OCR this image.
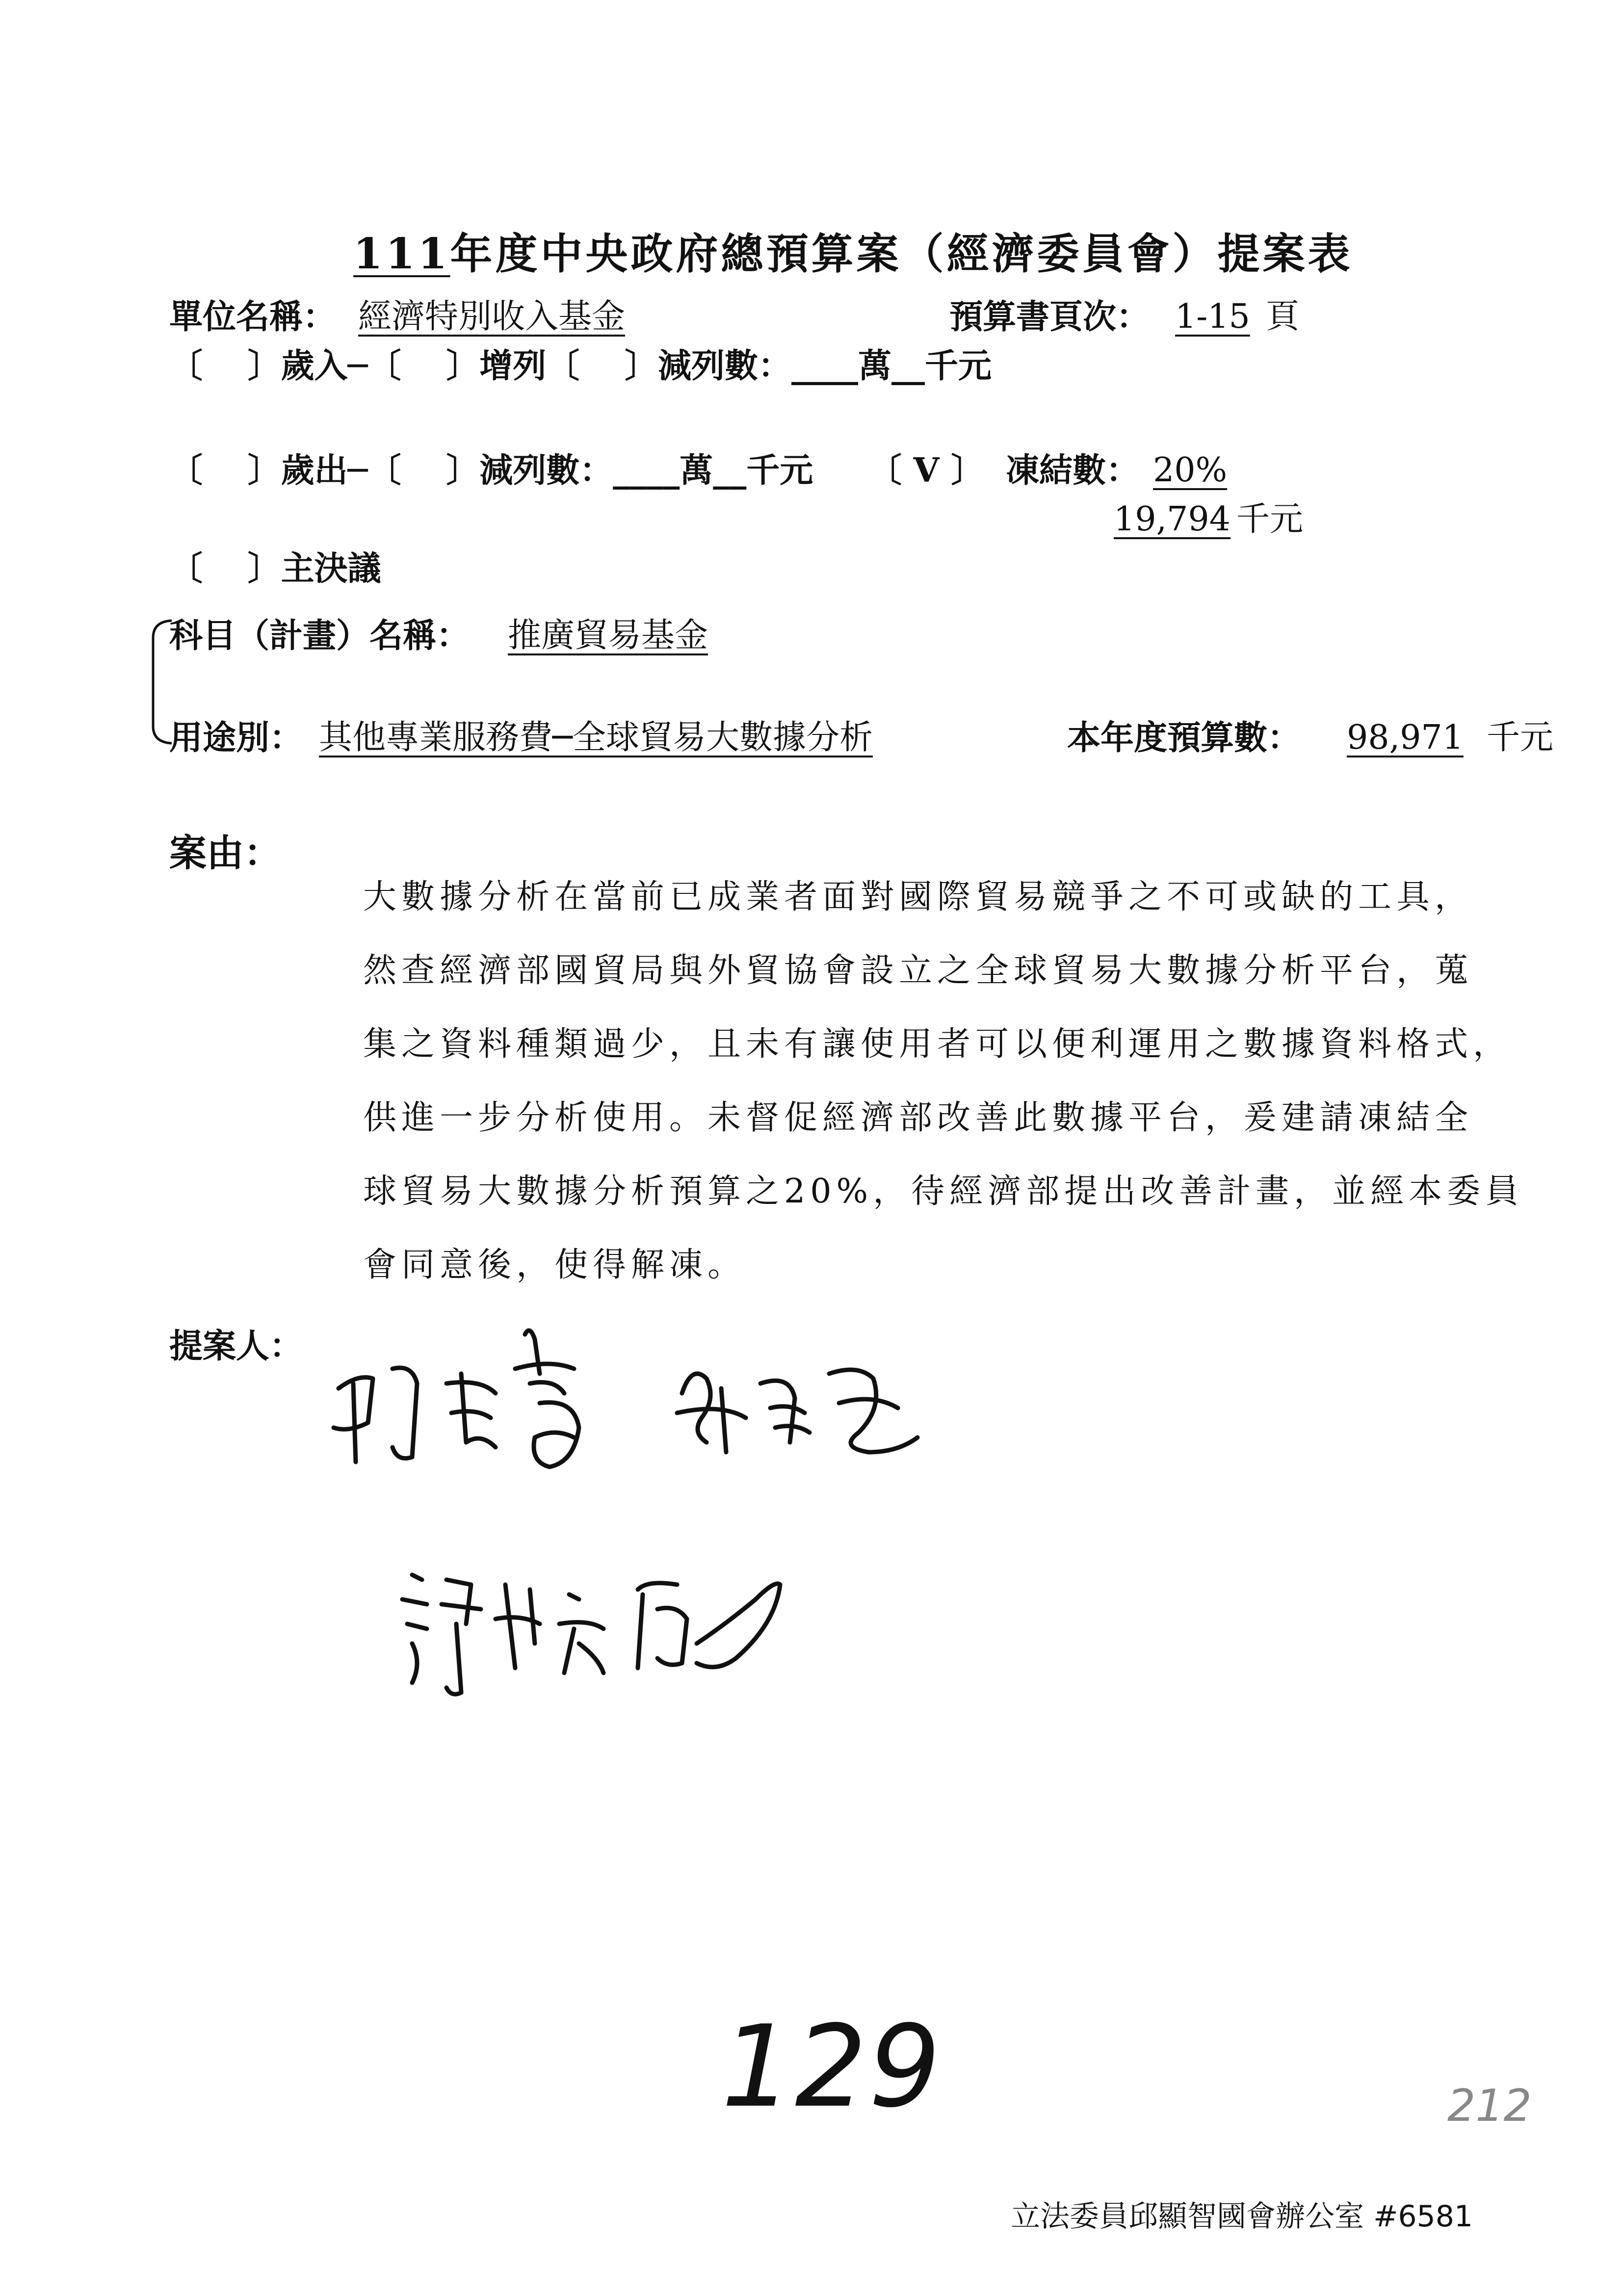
111年度中央政府總預算案（經濟委員會）提案表
單位名稱： 經濟特別收入基金	預算書頁次： 1-15 頁
〔　 〕歲入─〔　 〕增列〔　 〕減列數：____萬__千元
〔　 〕歲出─〔　 〕減列數：____萬__千元 〔 V 〕 凍結數： 20%
19,794 千元
〔　 〕主決議
科目（計畫）名稱： 推廣貿易基金
用途別： 其他專業服務費─全球貿易大數據分析	本年度預算數： 98,971 千元
案由：

大數據分析在當前已成業者面對國際貿易競爭之不可或缺的工具，

然查經濟部國貿局與外貿協會設立之全球貿易大數據分析平台，蒐

集之資料種類過少，且未有讓使用者可以便利運用之數據資料格式，

供進一步分析使用。未督促經濟部改善此數據平台，爰建請凍結全

球貿易大數據分析預算之20%，待經濟部提出改善計畫，並經本委員

會同意後，使得解凍。

提案人：
129	212
立法委員邱顯智國會辦公室 #6581
